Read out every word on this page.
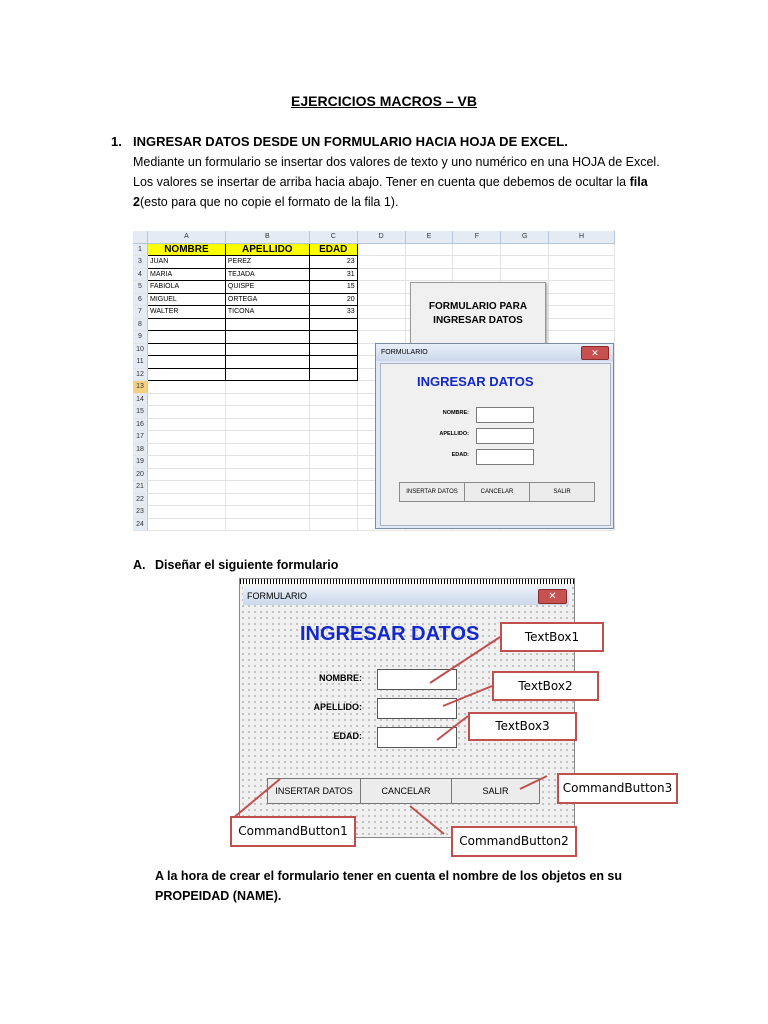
EJERCICIOS MACROS – VB
1. INGRESAR DATOS DESDE UN FORMULARIO HACIA HOJA DE EXCEL.
Mediante un formulario se insertar dos valores de texto y uno numérico en una HOJA de Excel. Los valores se insertar de arriba hacia abajo. Tener en cuenta que debemos de ocultar la fila 2(esto para que no copie el formato de la fila 1).
	A	B	C	D	E	F	G	H
1	NOMBRE	APELLIDO	EDAD					
3	JUAN	PEREZ	23					
4	MARIA	TEJADA	31					
5	FABIOLA	QUISPE	15					
6	MIGUEL	ORTEGA	20					
7	WALTER	TICONA	33					
8								
9								
10								
11								
12								
13								
14								
15								
16								
17								
18								
19								
20								
21								
22								
23								
24								
FORMULARIO PARA INGRESAR DATOS
FORMULARIO	✕
INGRESAR DATOS
NOMBRE:
APELLIDO:
EDAD:
INSERTAR DATOS	CANCELAR	SALIR
A. Diseñar el siguiente formulario
FORMULARIO	✕
INGRESAR DATOS
NOMBRE:
APELLIDO:
EDAD:
INSERTAR DATOS	CANCELAR	SALIR
TextBox1
TextBox2
TextBox3
CommandButton3
CommandButton1
CommandButton2
A la hora de crear el formulario tener en cuenta el nombre de los objetos en su
PROPEIDAD (NAME).
